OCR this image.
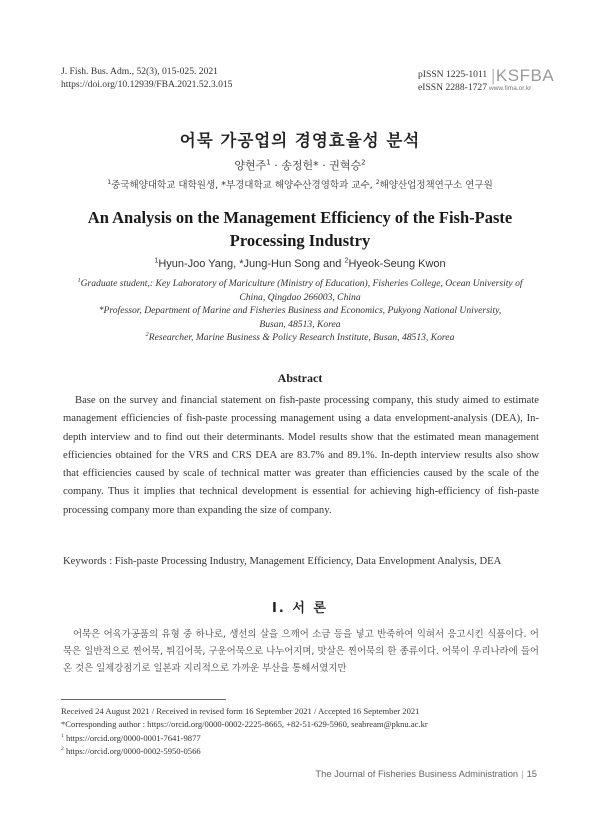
J. Fish. Bus. Adm., 52(3), 015-025. 2021
https://doi.org/10.12939/FBA.2021.52.3.015
pISSN 1225-1011
eISSN 2288-1727
|KSFBA
www.fima.or.kr
어묵 가공업의 경영효율성 분석
양현주$^1$ · 송정헌* · 권혁승$^2$
$^1$중국해양대학교 대학원생, *부경대학교 해양수산경영학과 교수, $^2$해양산업정책연구소 연구원
An Analysis on the Management Efficiency of the Fish-Paste
Processing Industry
$^1$Hyun-Joo Yang, *Jung-Hun Song and $^2$Hyeok-Seung Kwon
$^1$Graduate student,: Key Laboratory of Mariculture (Ministry of Education), Fisheries College, Ocean University of
China, Qingdao 266003, China
*Professor, Department of Marine and Fisheries Business and Economics, Pukyong National University,
Busan, 48513, Korea
$^2$Researcher, Marine Business & Policy Research Institute, Busan, 48513, Korea
Abstract

Base on the survey and financial statement on fish-paste processing company, this study aimed to estimate management efficiencies of fish-paste processing management using a data envelopment-analysis (DEA), In-depth interview and to find out their determinants. Model results show that the estimated mean management efficiencies obtained for the VRS and CRS DEA are 83.7% and 89.1%. In-depth interview results also show that efficiencies caused by scale of technical matter was greater than efficiencies caused by the scale of the company. Thus it implies that technical development is essential for achieving high-efficiency of fish-paste processing company more than expanding the size of company.

Keywords : Fish-paste Processing Industry, Management Efficiency, Data Envelopment Analysis, DEA
Ⅰ. 서 론

어묵은 어육가공품의 유형 중 하나로, 생선의 살을 으깨어 소금 등을 넣고 반죽하여 익혀서 응고시킨 식품이다. 어묵은 일반적으로 찐어묵, 튀김어묵, 구운어묵으로 나누어지며, 맛살은 찐어묵의 한 종류이다. 어묵이 우리나라에 들어온 것은 일제강점기로 일본과 지리적으로 가까운 부산을 통해서였지만

Received 24 August 2021 / Received in revised form 16 September 2021 / Accepted 16 September 2021
*Corresponding author : https://orcid.org/0000-0002-2225-8665, +82-51-629-5960, seabream@pknu.ac.kr
$^1$ https://orcid.org/0000-0001-7641-9877
$^2$ https://orcid.org/0000-0002-5950-0566
The Journal of Fisheries Business Administration | 15
